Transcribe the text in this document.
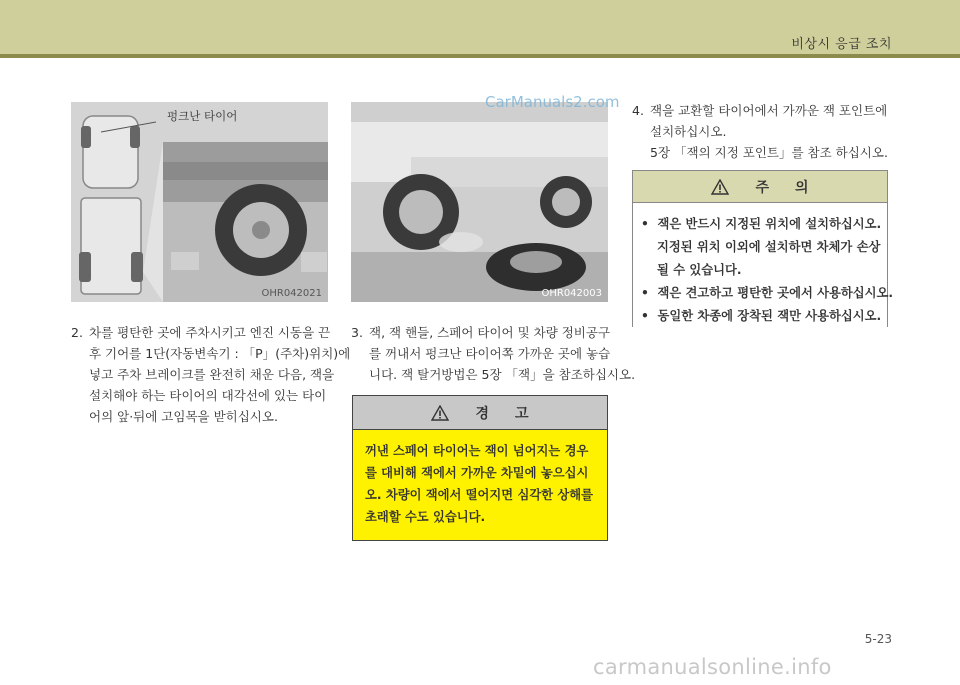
비상시 응급 조치
펑크난 타이어
OHR042021	OHR042003
2. 차를 평탄한 곳에 주차시키고 엔진 시동을 끈
후 기어를 1단(자동변속기 : 「P」(주차)위치)에
넣고 주차 브레이크를 완전히 채운 다음, 잭을
설치해야 하는 타이어의 대각선에 있는 타이
어의 앞·뒤에 고임목을 받히십시오.
3. 잭, 잭 핸들, 스페어 타이어 및 차량 정비공구
를 꺼내서 펑크난 타이어쪽 가까운 곳에 놓습
니다. 잭 탈거방법은 5장 「잭」을 참조하십시오.
4. 잭을 교환할 타이어에서 가까운 잭 포인트에
설치하십시오.
5장 「잭의 지정 포인트」를 참조 하십시오.
경 고
꺼낸 스페어 타이어는 잭이 넘어지는 경우
를 대비해 잭에서 가까운 차밑에 놓으십시
오. 차량이 잭에서 떨어지면 심각한 상해를
초래할 수도 있습니다.
주 의
• 잭은 반드시 지정된 위치에 설치하십시오.
지정된 위치 이외에 설치하면 차체가 손상
될 수 있습니다.
• 잭은 견고하고 평탄한 곳에서 사용하십시오.
• 동일한 차종에 장착된 잭만 사용하십시오.
5-23
CarManuals2.com
carmanualsonline.info
